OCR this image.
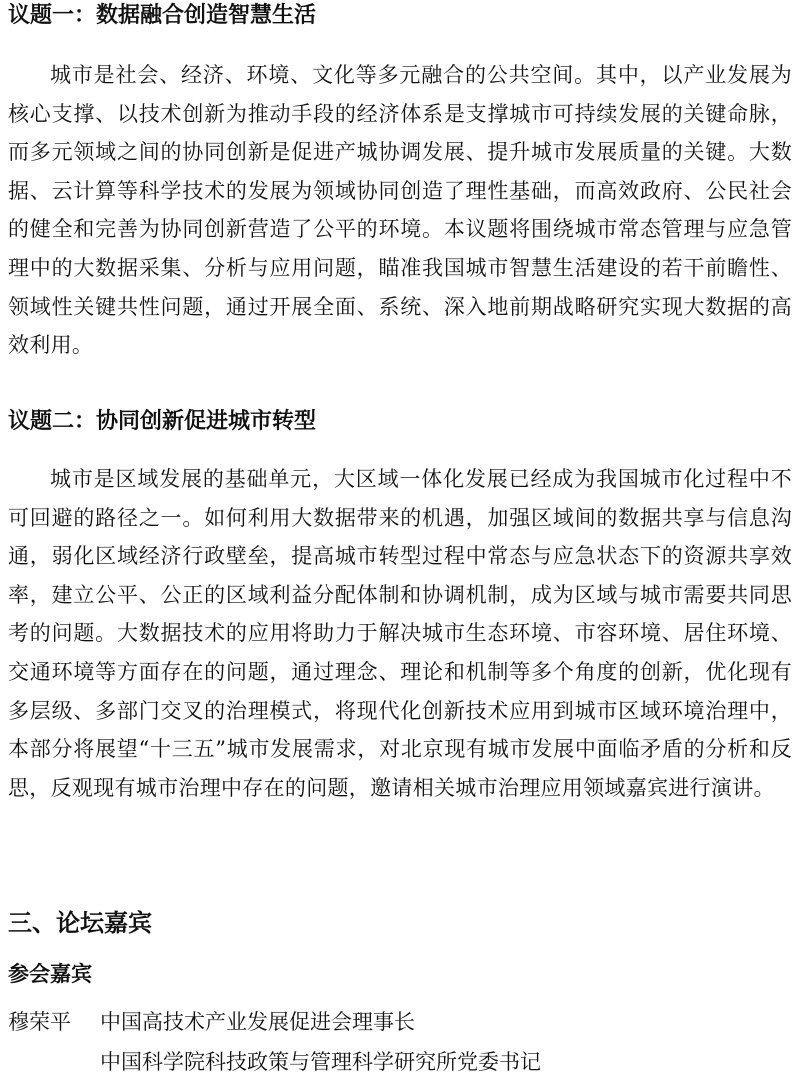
议题一：数据融合创造智慧生活

城市是社会、经济、环境、文化等多元融合的公共空间。其中，以产业发展为核心支撑、以技术创新为推动手段的经济体系是支撑城市可持续发展的关键命脉，而多元领域之间的协同创新是促进产城协调发展、提升城市发展质量的关键。大数据、云计算等科学技术的发展为领域协同创造了理性基础，而高效政府、公民社会的健全和完善为协同创新营造了公平的环境。本议题将围绕城市常态管理与应急管理中的大数据采集、分析与应用问题，瞄准我国城市智慧生活建设的若干前瞻性、领域性关键共性问题，通过开展全面、系统、深入地前期战略研究实现大数据的高效利用。

议题二：协同创新促进城市转型

城市是区域发展的基础单元，大区域一体化发展已经成为我国城市化过程中不可回避的路径之一。如何利用大数据带来的机遇，加强区域间的数据共享与信息沟通，弱化区域经济行政壁垒，提高城市转型过程中常态与应急状态下的资源共享效率，建立公平、公正的区域利益分配体制和协调机制，成为区域与城市需要共同思考的问题。大数据技术的应用将助力于解决城市生态环境、市容环境、居住环境、交通环境等方面存在的问题，通过理念、理论和机制等多个角度的创新，优化现有多层级、多部门交叉的治理模式，将现代化创新技术应用到城市区域环境治理中，本部分将展望“十三五”城市发展需求，对北京现有城市发展中面临矛盾的分析和反思，反观现有城市治理中存在的问题，邀请相关城市治理应用领域嘉宾进行演讲。

三、论坛嘉宾
参会嘉宾
穆荣平 中国高技术产业发展促进会理事长
中国科学院科技政策与管理科学研究所党委书记
